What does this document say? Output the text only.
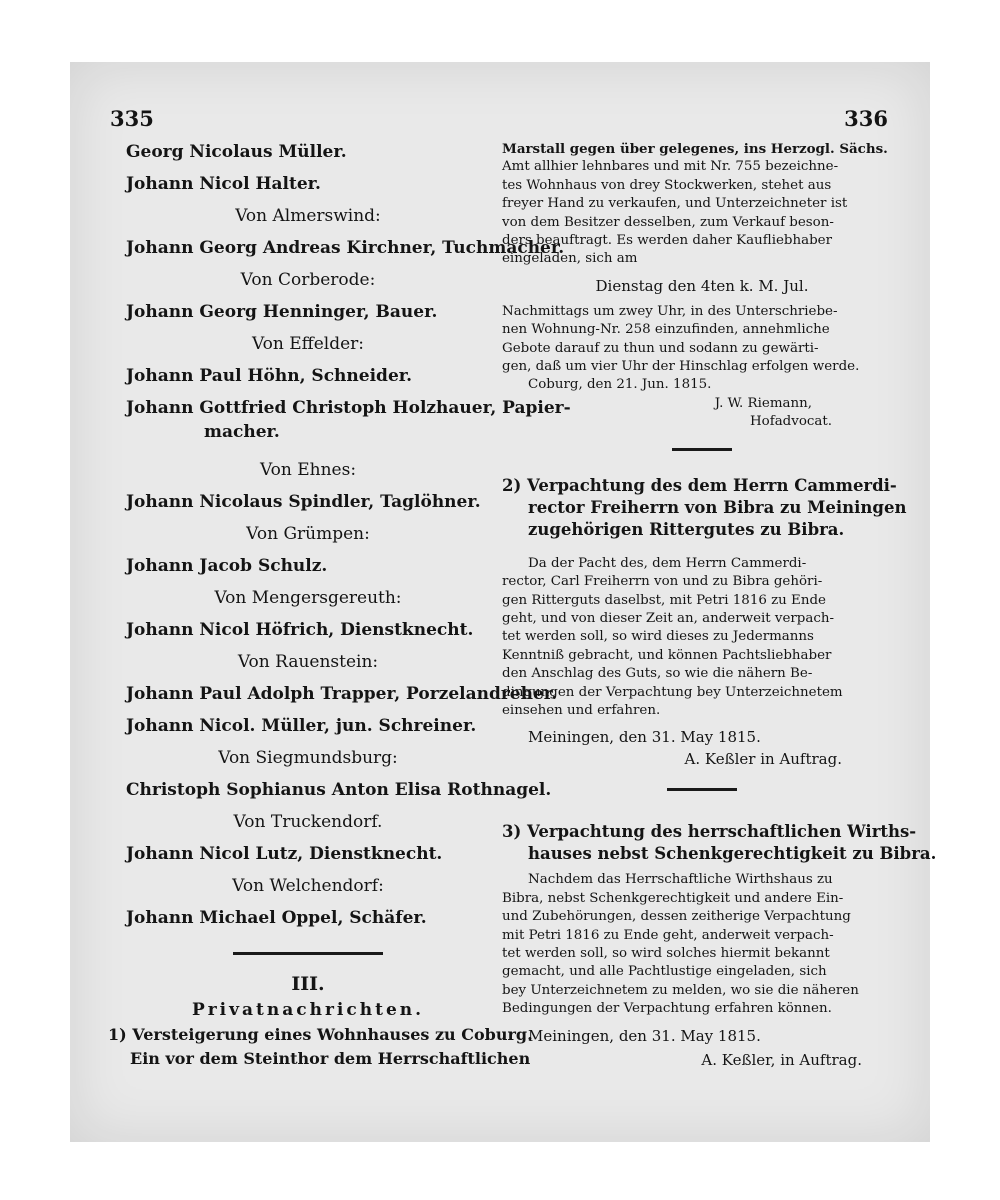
335	336

Georg Nicolaus Müller.

Johann Nicol Halter.

Von Almerswind:

Johann Georg Andreas Kirchner, Tuchmacher.

Von Corberode:

Johann Georg Henninger, Bauer.

Von Effelder:

Johann Paul Höhn, Schneider.

Johann Gottfried Christoph Holzhauer, Papier-
macher.

Von Ehnes:

Johann Nicolaus Spindler, Taglöhner.

Von Grümpen:

Johann Jacob Schulz.

Von Mengersgereuth:

Johann Nicol Höfrich, Dienstknecht.

Von Rauenstein:

Johann Paul Adolph Trapper, Porzelandreher.

Johann Nicol. Müller, jun. Schreiner.

Von Siegmundsburg:

Christoph Sophianus Anton Elisa Rothnagel.

Von Truckendorf.

Johann Nicol Lutz, Dienstknecht.

Von Welchendorf:

Johann Michael Oppel, Schäfer.

III.

Privatnachrichten.

1) Versteigerung eines Wohnhauses zu Coburg.

Ein vor dem Steinthor dem Herrschaftlichen

Marstall gegen über gelegenes, ins Herzogl. Sächs.

Amt allhier lehnbares und mit Nr. 755 bezeichne-

tes Wohnhaus von drey Stockwerken, stehet aus

freyer Hand zu verkaufen, und Unterzeichneter ist

von dem Besitzer desselben, zum Verkauf beson-

ders beauftragt. Es werden daher Kaufliebhaber

eingeladen, sich am

Dienstag den 4ten k. M. Jul.

Nachmittags um zwey Uhr, in des Unterschriebe-

nen Wohnung-Nr. 258 einzufinden, annehmliche

Gebote darauf zu thun und sodann zu gewärti-

gen, daß um vier Uhr der Hinschlag erfolgen werde.

Coburg, den 21. Jun. 1815.

J. W. Riemann,

Hofadvocat.

2) Verpachtung des dem Herrn Cammerdi-

rector Freiherrn von Bibra zu Meiningen

zugehörigen Rittergutes zu Bibra.

Da der Pacht des, dem Herrn Cammerdi-

rector, Carl Freiherrn von und zu Bibra gehöri-

gen Ritterguts daselbst, mit Petri 1816 zu Ende

geht, und von dieser Zeit an, anderweit verpach-

tet werden soll, so wird dieses zu Jedermanns

Kenntniß gebracht, und können Pachtsliebhaber

den Anschlag des Guts, so wie die nähern Be-

dingungen der Verpachtung bey Unterzeichnetem

einsehen und erfahren.

Meiningen, den 31. May 1815.

A. Keßler in Auftrag.

3) Verpachtung des herrschaftlichen Wirths-

hauses nebst Schenkgerechtigkeit zu Bibra.

Nachdem das Herrschaftliche Wirthshaus zu

Bibra, nebst Schenkgerechtigkeit und andere Ein-

und Zubehörungen, dessen zeitherige Verpachtung

mit Petri 1816 zu Ende geht, anderweit verpach-

tet werden soll, so wird solches hiermit bekannt

gemacht, und alle Pachtlustige eingeladen, sich

bey Unterzeichnetem zu melden, wo sie die näheren

Bedingungen der Verpachtung erfahren können.

Meiningen, den 31. May 1815.

A. Keßler, in Auftrag.
